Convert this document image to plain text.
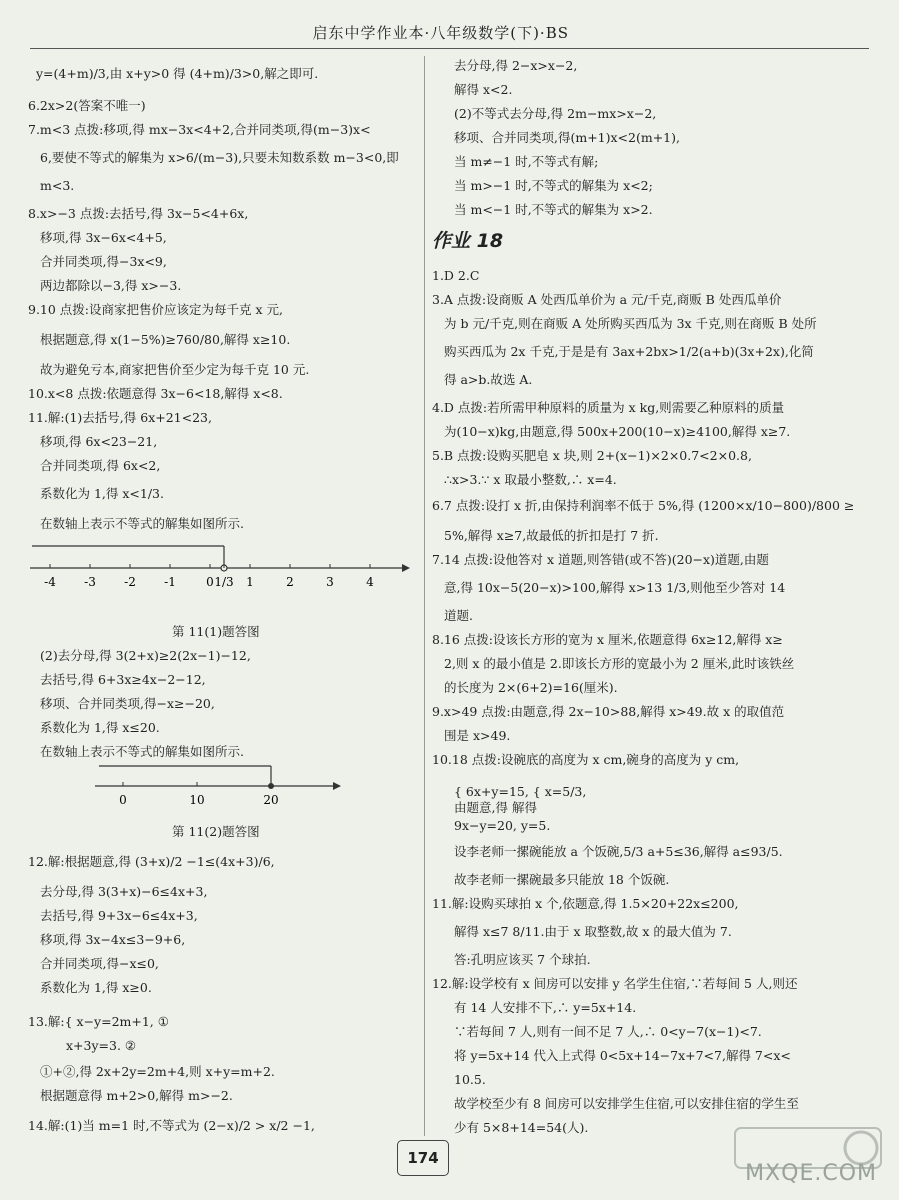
启东中学作业本·八年级数学(下)·BS
y=(4+m)/3,由 x+y>0 得 (4+m)/3>0,解之即可.
6.2x>2(答案不唯一)
7.m<3 点拨:移项,得 mx−3x<4+2,合并同类项,得(m−3)x<
6,要使不等式的解集为 x>6/(m−3),只要未知数系数 m−3<0,即
m<3.
8.x>−3 点拨:去括号,得 3x−5<4+6x,
移项,得 3x−6x<4+5,
合并同类项,得−3x<9,
两边都除以−3,得 x>−3.
9.10 点拨:设商家把售价应该定为每千克 x 元,
根据题意,得 x(1−5%)≥760/80,解得 x≥10.
故为避免亏本,商家把售价至少定为每千克 10 元.
10.x<8 点拨:依题意得 3x−6<18,解得 x<8.
11.解:(1)去括号,得 6x+21<23,
移项,得 6x<23−21,
合并同类项,得 6x<2,
系数化为 1,得 x<1/3.
在数轴上表示不等式的解集如图所示.
(2)去分母,得 3(2+x)≥2(2x−1)−12,
去括号,得 6+3x≥4x−2−12,
移项、合并同类项,得−x≥−20,
系数化为 1,得 x≤20.
在数轴上表示不等式的解集如图所示.
12.解:根据题意,得 (3+x)/2 −1≤(4x+3)/6,
去分母,得 3(3+x)−6≤4x+3,
去括号,得 9+3x−6≤4x+3,
移项,得 3x−4x≤3−9+6,
合并同类项,得−x≤0,
系数化为 1,得 x≥0.
13.解:{ x−y=2m+1, ①
x+3y=3. ②
①+②,得 2x+2y=2m+4,则 x+y=m+2.
根据题意得 m+2>0,解得 m>−2.
14.解:(1)当 m=1 时,不等式为 (2−x)/2 > x/2 −1,
作业 18
去分母,得 2−x>x−2,
解得 x<2.
(2)不等式去分母,得 2m−mx>x−2,
移项、合并同类项,得(m+1)x<2(m+1),
当 m≠−1 时,不等式有解;
当 m>−1 时,不等式的解集为 x<2;
当 m<−1 时,不等式的解集为 x>2.
1.D 2.C
3.A 点拨:设商贩 A 处西瓜单价为 a 元/千克,商贩 B 处西瓜单价
为 b 元/千克,则在商贩 A 处所购买西瓜为 3x 千克,则在商贩 B 处所
购买西瓜为 2x 千克,于是是有 3ax+2bx>1/2(a+b)(3x+2x),化简
得 a>b.故选 A.
4.D 点拨:若所需甲种原料的质量为 x kg,则需要乙种原料的质量
为(10−x)kg,由题意,得 500x+200(10−x)≥4100,解得 x≥7.
5.B 点拨:设购买肥皂 x 块,则 2+(x−1)×2×0.7<2×0.8,
∴x>3.∵ x 取最小整数,∴ x=4.
6.7 点拨:设打 x 折,由保持利润率不低于 5%,得 (1200×x/10−800)/800 ≥
5%,解得 x≥7,故最低的折扣是打 7 折.
7.14 点拨:设他答对 x 道题,则答错(或不答)(20−x)道题,由题
意,得 10x−5(20−x)>100,解得 x>13 1/3,则他至少答对 14
道题.
8.16 点拨:设该长方形的宽为 x 厘米,依题意得 6x≥12,解得 x≥
2,则 x 的最小值是 2.即该长方形的宽最小为 2 厘米,此时该铁丝
的长度为 2×(6+2)=16(厘米).
9.x>49 点拨:由题意,得 2x−10>88,解得 x>49.故 x 的取值范
围是 x>49.
10.18 点拨:设碗底的高度为 x cm,碗身的高度为 y cm,
{ 6x+y=15, { x=5/3,
由题意,得 解得
9x−y=20, y=5.
设李老师一摞碗能放 a 个饭碗,5/3 a+5≤36,解得 a≤93/5.
故李老师一摞碗最多只能放 18 个饭碗.
11.解:设购买球拍 x 个,依题意,得 1.5×20+22x≤200,
解得 x≤7 8/11.由于 x 取整数,故 x 的最大值为 7.
答:孔明应该买 7 个球拍.
12.解:设学校有 x 间房可以安排 y 名学生住宿,∵若每间 5 人,则还
有 14 人安排不下,∴ y=5x+14.
∵若每间 7 人,则有一间不足 7 人,∴ 0<y−7(x−1)<7.
将 y=5x+14 代入上式得 0<5x+14−7x+7<7,解得 7<x<
10.5.
故学校至少有 8 间房可以安排学生住宿,可以安排住宿的学生至
少有 5×8+14=54(人).
-4 -3 -2 -1	0 1/3 1	2	3	4
第 11(1)题答图
0	10	20
第 11(2)题答图
174
MXQE.COM
